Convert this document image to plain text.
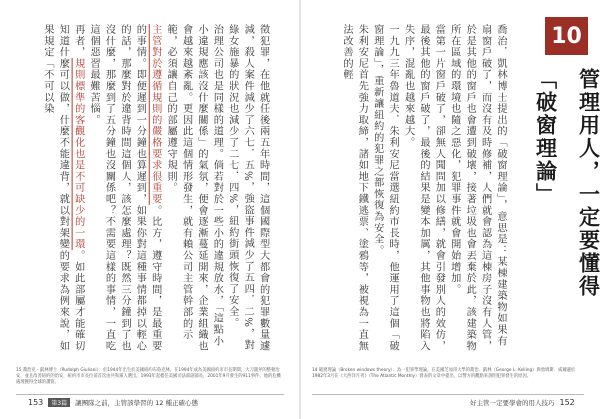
徵犯罪，在他就任後兩五年時間，這個國際型大都會的犯罪數量遽減，殺人案件減少了六七．五%，強盜事件減少了五四．二%，對綠女施暴的狀況也減少了二七．四%，紐約街頭恢復了安全。
治理公司也是同樣的道理。倘若對於一些小的違規放水，「這點小小違規應該沒什麼關係」的氣氛，便會逐漸蔓延開來，企業組織也會越來越紊亂。更因此這個情形發生，就有賴公司主管幹部的示範，必須讓自己的部屬遵守規則。
主管對於遵循規則的嚴格要求很重要。比方，遵守時間，是最重要的事情。即便遲到一分鐘也算遲到，如果你對這種事情都掉以輕心的話，那麼對於違背時間這個人，該怎麼處理？既然三分鐘到了也沒什麼，那麼到了五分鐘也沒關係吧？不需要這樣的事情，一直吃這個惡習最難苦惱。
再者，規則標準的客觀化也是不可缺少的一環。如此部屬才能確切知道什麼可以做，什麼不能違背，就以對架變的要求為例來說，如果規定「不可以染

15 喬治克・凱林博士（Rudolph Giuliani）：於1944年出生於美國紐約布魯克林。在1994年成為美國紐約市市長期間，大刀闊斧的整頓治安，並且改善紐約的治安，紐約市市長位前首次由共和黨人選出。1993年起擔任美國司法部副部長，2001年9月發生的911事件，他的危機處理獲得全球的讚賞。
153	第3篇	讓團隊之前，主管該學習的 12 種正確心態
喬治．凱林博士提出的「破窗理論」，意思是：某棟建築物如果有扇窗戶破了，而沒有及時修補，人們就會認為這棟房子沒有人管，於是其他的窗戶也會遭到破壞，接著垃圾也會丟棄於此，該建築物所在區域的環境也隨之惡化，犯罪事件就會開始增加。
當第一片窗戶破了，卻無人聞問加以修繕，就會引發別人的效仿，最後其他的窗戶破了，最後的結果是變本加厲，其他事物也將陷入失序，混亂也越來越大。
一九九三年魯道夫．朱利安尼當選紐約市長時，他運用了這個「破窗理論」，重新讓紐約的犯罪之都恢復為安全。
朱利安尼首先強力取締，諸如地下鐵逃票、塗鴉等，被視為一直無法改善的輕	10
管理用人，一定要懂得「破窗理論」
14 破窗理論（Broken windows theory）：為一犯罪學理論，在美國芝加哥大學的喬治．凱林（George L. Kelling）與詹姆斯．威爾遜於1982年3月在《大西洋月刊》（The Atlantic Monthly）發表的文章中提出，以警方的觀點來說明犯罪發生的原因。
好主管一定要學會的用人技巧 152
